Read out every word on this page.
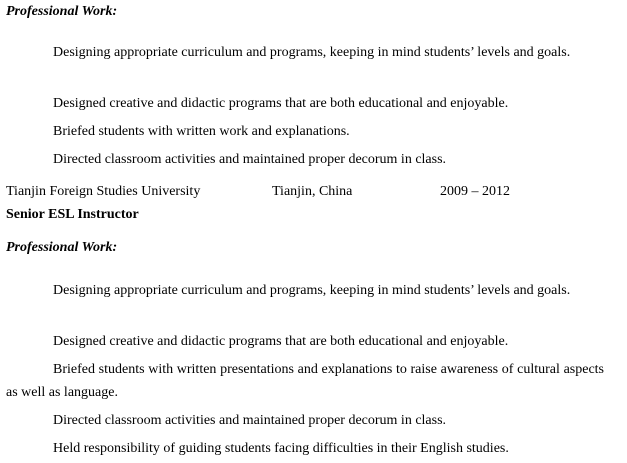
Professional Work:
Designing appropriate curriculum and programs, keeping in mind students’ levels and goals.
Designed creative and didactic programs that are both educational and enjoyable.
Briefed students with written work and explanations.
Directed classroom activities and maintained proper decorum in class.
Tianjin Foreign Studies University	Tianjin, China	2009 – 2012
Senior ESL Instructor
Professional Work:
Designing appropriate curriculum and programs, keeping in mind students’ levels and goals.
Designed creative and didactic programs that are both educational and enjoyable.
Briefed students with written presentations and explanations to raise awareness of cultural aspects as well as language.
Directed classroom activities and maintained proper decorum in class.
Held responsibility of guiding students facing difficulties in their English studies.
